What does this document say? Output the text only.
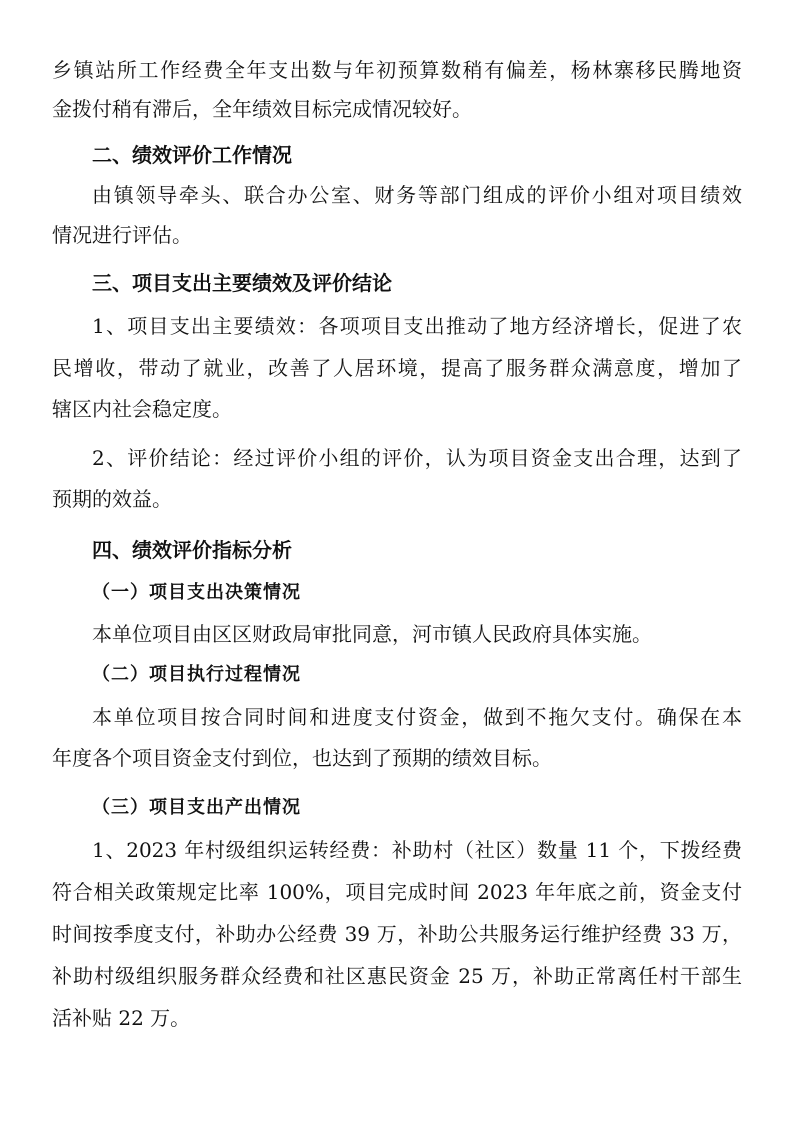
乡镇站所工作经费全年支出数与年初预算数稍有偏差，杨林寨移民腾地资
金拨付稍有滞后，全年绩效目标完成情况较好。
二、绩效评价工作情况
由镇领导牵头、联合办公室、财务等部门组成的评价小组对项目绩效
情况进行评估。
三、项目支出主要绩效及评价结论
1、项目支出主要绩效：各项项目支出推动了地方经济增长，促进了农
民增收，带动了就业，改善了人居环境，提高了服务群众满意度，增加了
辖区内社会稳定度。
2、评价结论：经过评价小组的评价，认为项目资金支出合理，达到了
预期的效益。
四、绩效评价指标分析
（一）项目支出决策情况
本单位项目由区区财政局审批同意，河市镇人民政府具体实施。
（二）项目执行过程情况
本单位项目按合同时间和进度支付资金，做到不拖欠支付。确保在本
年度各个项目资金支付到位，也达到了预期的绩效目标。
（三）项目支出产出情况
1、2023 年村级组织运转经费：补助村（社区）数量 11 个，下拨经费
符合相关政策规定比率 100%，项目完成时间 2023 年年底之前，资金支付
时间按季度支付，补助办公经费 39 万，补助公共服务运行维护经费 33 万，
补助村级组织服务群众经费和社区惠民资金 25 万，补助正常离任村干部生
活补贴 22 万。
